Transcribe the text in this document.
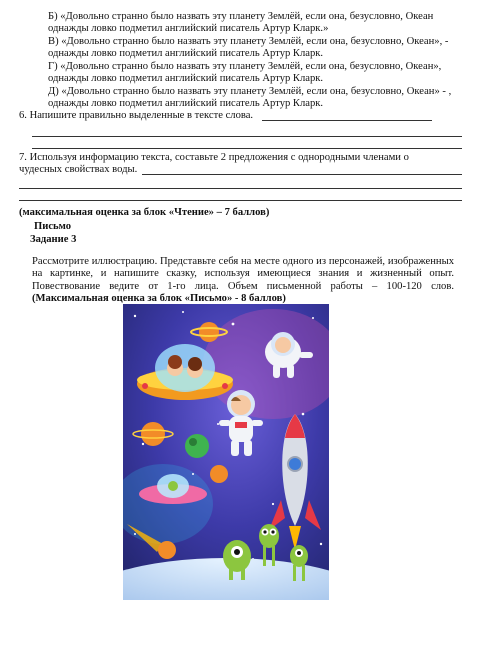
Б) «Довольно странно было назвать эту планету Землёй, если она, безусловно, Океан
однажды ловко подметил английский писатель Артур Кларк.»
В) «Довольно странно было назвать эту планету Землёй, если она, безусловно, Океан», -
однажды ловко подметил английский писатель Артур Кларк.
Г) «Довольно странно было назвать эту планету Землёй, если она, безусловно, Океан»,
однажды ловко подметил английский писатель Артур Кларк.
Д) «Довольно странно было назвать эту планету Землёй, если она, безусловно, Океан» - ,
однажды ловко подметил английский писатель Артур Кларк.
6. Напишите правильно выделенные в тексте слова.
7. Используя информацию текста, составьте 2 предложения с однородными членами о
чудесных свойствах воды.
(максимальная оценка за блок «Чтение» – 7 баллов)
Письмо
Задание 3
Рассмотрите иллюстрацию. Представьте себя на месте одного из персонажей, изображенных на картинке, и напишите сказку, используя имеющиеся знания и жизненный опыт. Повествование ведите от 1-го лица. Объем письменной работы – 100-120 слов. (Максимальная оценка за блок «Письмо» - 8 баллов)
